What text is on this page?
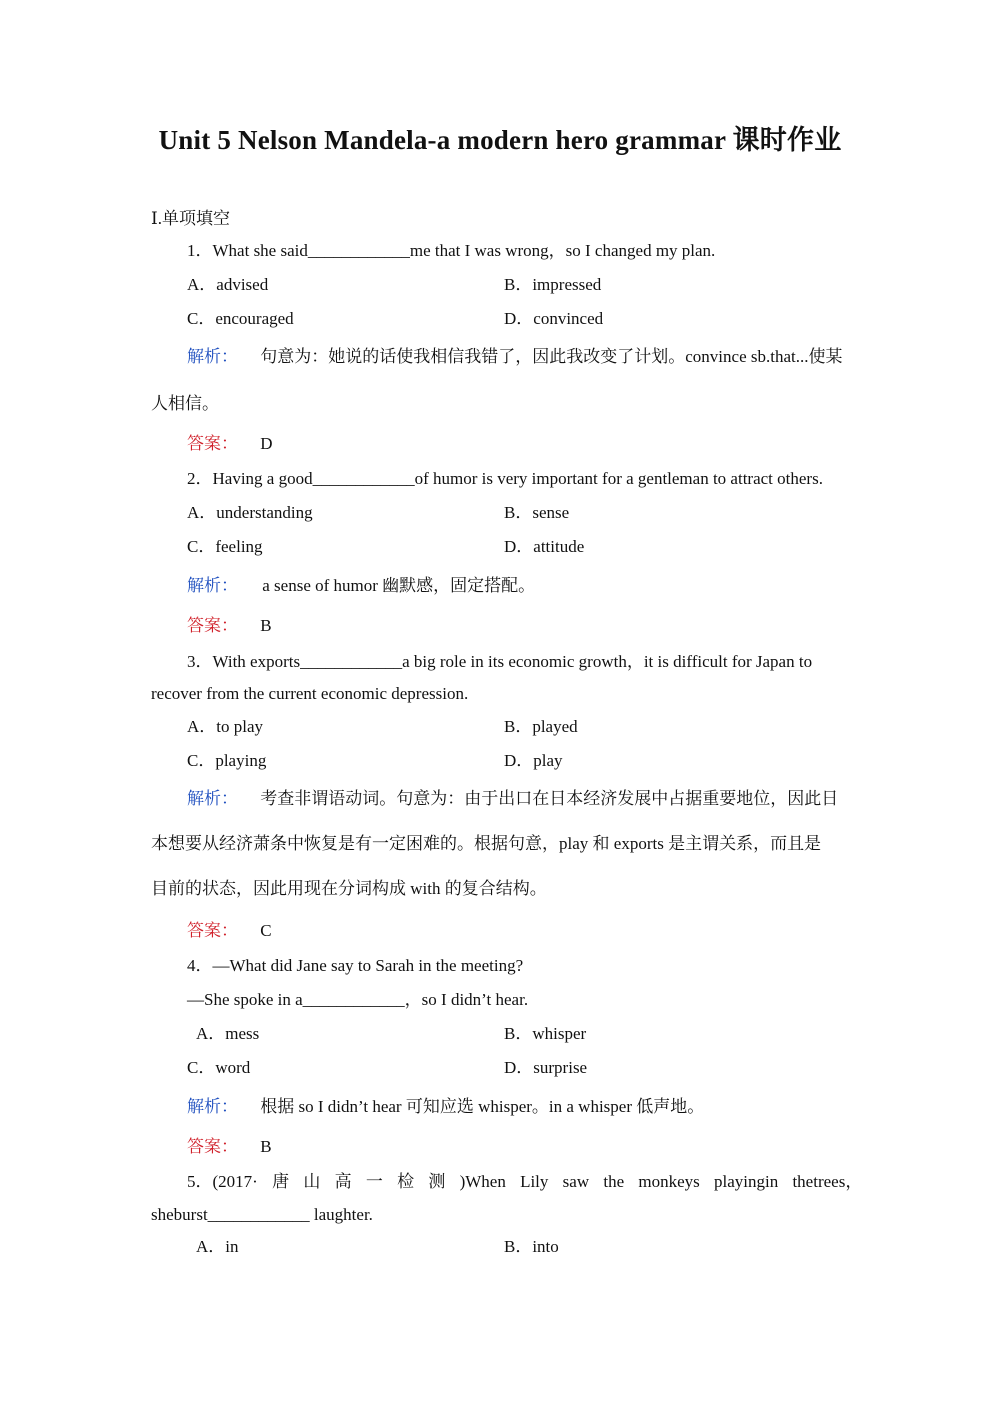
Unit 5 Nelson Mandela-a modern hero grammar 课时作业
Ⅰ.单项填空
1．What she said____________me that I was wrong，so I changed my plan.
A．advised	B．impressed
C．encouraged	D．convinced
解析： 句意为：她说的话使我相信我错了，因此我改变了计划。convince sb.that...使某
人相信。
答案： D
2．Having a good____________of humor is very important for a gentleman to attract others.
A．understanding	B．sense
C．feeling	D．attitude
解析： a sense of humor 幽默感，固定搭配。
答案： B
3．With exports____________a big role in its economic growth，it is difficult for Japan to
recover from the current economic depression.
A．to play	B．played
C．playing	D．play
解析： 考查非谓语动词。句意为：由于出口在日本经济发展中占据重要地位，因此日
本想要从经济萧条中恢复是有一定困难的。根据句意，play 和 exports 是主谓关系，而且是
目前的状态，因此用现在分词构成 with 的复合结构。
答案： C
4．—What did Jane say to Sarah in the meeting?
—She spoke in a____________，so I didn’t hear.
A．mess	B．whisper
C．word	D．surprise
解析： 根据 so I didn’t hear 可知应选 whisper。in a whisper 低声地。
答案： B
5．(2017· 唐 山 高 一 检 测 )When Lily saw the monkeys playingin thetrees，
sheburst____________ laughter.
A．in	B．into
